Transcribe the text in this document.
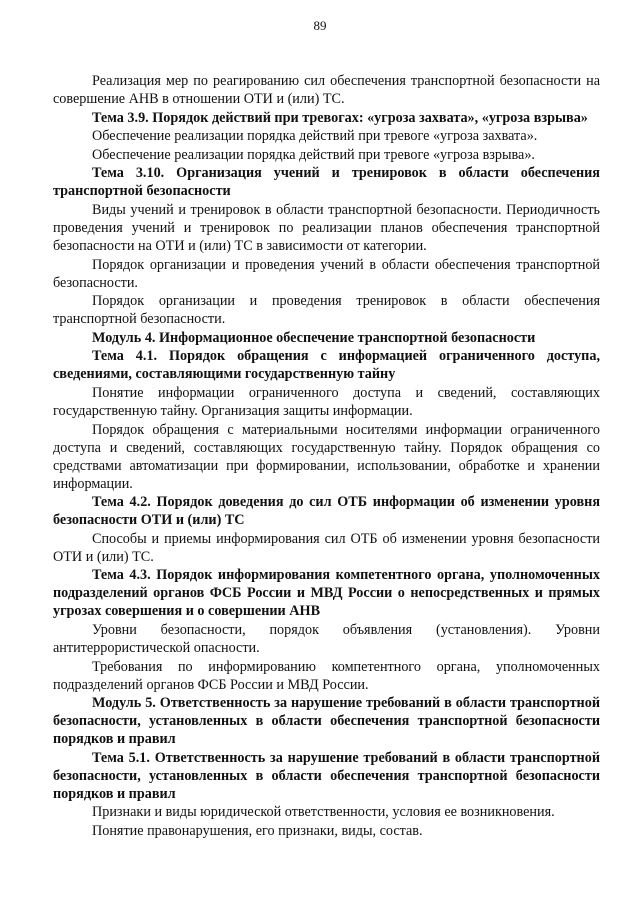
89

Реализация мер по реагированию сил обеспечения транспортной безопасности на совершение АНВ в отношении ОТИ и (или) ТС.

Тема 3.9. Порядок действий при тревогах: «угроза захвата», «угроза взрыва»

Обеспечение реализации порядка действий при тревоге «угроза захвата».

Обеспечение реализации порядка действий при тревоге «угроза взрыва».

Тема 3.10. Организация учений и тренировок в области обеспечения транспортной безопасности

Виды учений и тренировок в области транспортной безопасности. Периодичность проведения учений и тренировок по реализации планов обеспечения транспортной безопасности на ОТИ и (или) ТС в зависимости от категории.

Порядок организации и проведения учений в области обеспечения транспортной безопасности.

Порядок организации и проведения тренировок в области обеспечения транспортной безопасности.

Модуль 4. Информационное обеспечение транспортной безопасности

Тема 4.1. Порядок обращения с информацией ограниченного доступа, сведениями, составляющими государственную тайну

Понятие информации ограниченного доступа и сведений, составляющих государственную тайну. Организация защиты информации.

Порядок обращения с материальными носителями информации ограниченного доступа и сведений, составляющих государственную тайну. Порядок обращения со средствами автоматизации при формировании, использовании, обработке и хранении информации.

Тема 4.2. Порядок доведения до сил ОТБ информации об изменении уровня безопасности ОТИ и (или) ТС

Способы и приемы информирования сил ОТБ об изменении уровня безопасности ОТИ и (или) ТС.

Тема 4.3. Порядок информирования компетентного органа, уполномоченных подразделений органов ФСБ России и МВД России о непосредственных и прямых угрозах совершения и о совершении АНВ

Уровни безопасности, порядок объявления (установления). Уровни антитеррористической опасности.

Требования по информированию компетентного органа, уполномоченных подразделений органов ФСБ России и МВД России.

Модуль 5. Ответственность за нарушение требований в области транспортной безопасности, установленных в области обеспечения транспортной безопасности порядков и правил

Тема 5.1. Ответственность за нарушение требований в области транспортной безопасности, установленных в области обеспечения транспортной безопасности порядков и правил

Признаки и виды юридической ответственности, условия ее возникновения.

Понятие правонарушения, его признаки, виды, состав.
